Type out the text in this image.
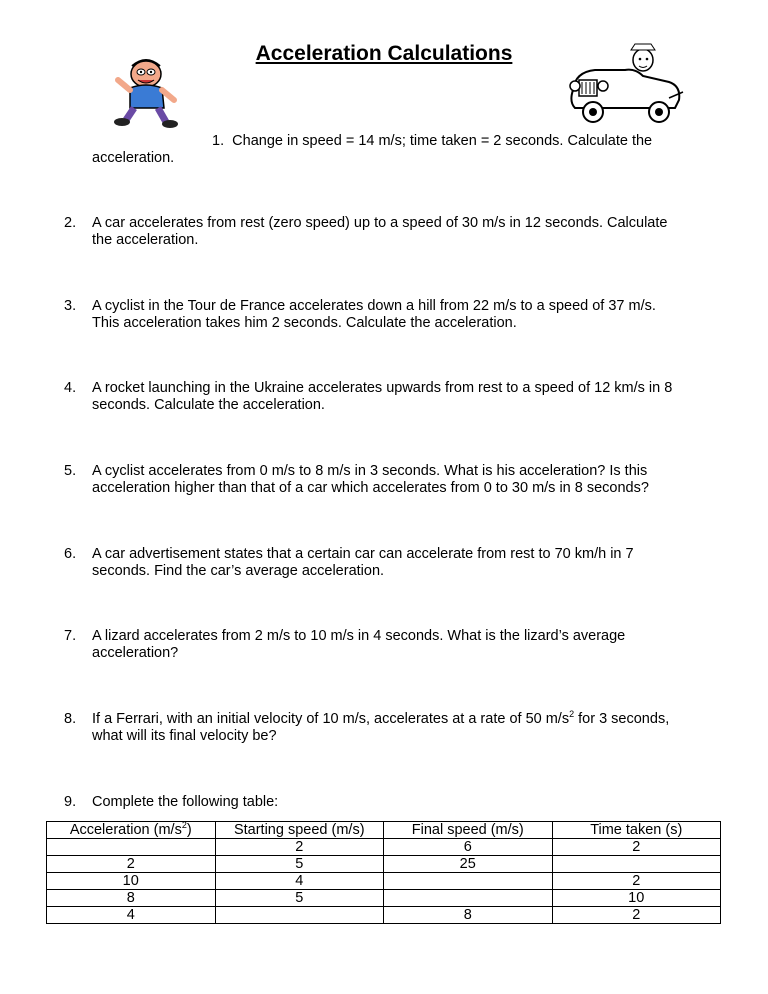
Acceleration Calculations
1. Change in speed = 14 m/s; time taken = 2 seconds. Calculate the
acceleration.
2. A car accelerates from rest (zero speed) up to a speed of 30 m/s in 12 seconds. Calculate
the acceleration.
3. A cyclist in the Tour de France accelerates down a hill from 22 m/s to a speed of 37 m/s.
This acceleration takes him 2 seconds. Calculate the acceleration.
4. A rocket launching in the Ukraine accelerates upwards from rest to a speed of 12 km/s in 8
seconds. Calculate the acceleration.
5. A cyclist accelerates from 0 m/s to 8 m/s in 3 seconds. What is his acceleration? Is this
acceleration higher than that of a car which accelerates from 0 to 30 m/s in 8 seconds?
6. A car advertisement states that a certain car can accelerate from rest to 70 km/h in 7
seconds. Find the car’s average acceleration.
7. A lizard accelerates from 2 m/s to 10 m/s in 4 seconds. What is the lizard’s average
acceleration?
8. If a Ferrari, with an initial velocity of 10 m/s, accelerates at a rate of 50 $m/s^2$ for 3 seconds,
what will its final velocity be?
9. Complete the following table:
Acceleration $(m/s^2)$	Starting speed (m/s)	Final speed (m/s)	Time taken (s)
	2	6	2
2	5	25	
10	4		2
8	5		10
4		8	2
